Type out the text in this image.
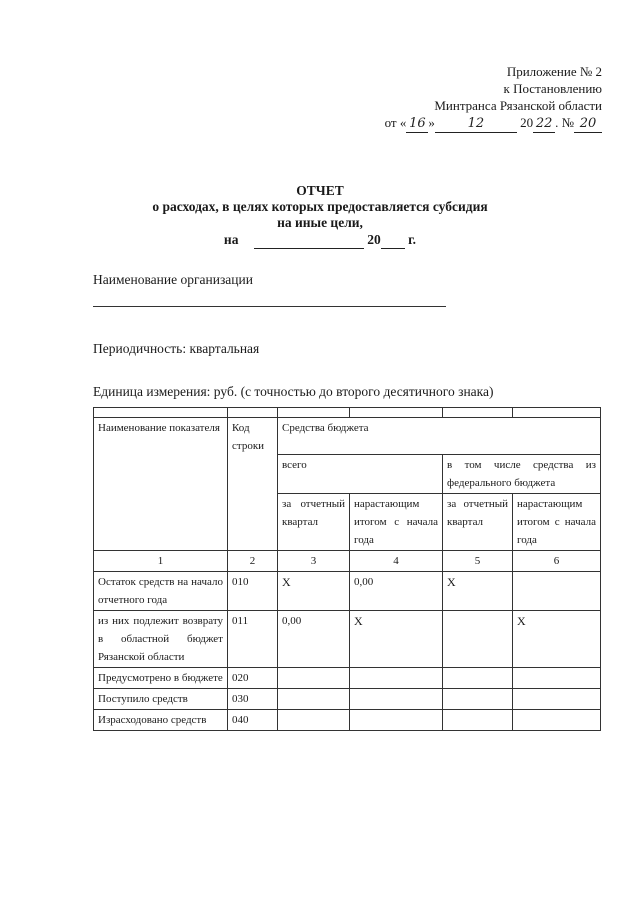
Приложение № 2
к Постановлению
Минтранса Рязанской области
от « 16 »	12	20 22 . № 20
ОТЧЕТ
о расходах, в целях которых предоставляется субсидия
на иные цели,
на	20 г.
Наименование организации
Периодичность: квартальная
Единица измерения: руб. (с точностью до второго десятичного знака)

Наименование показателя	Код строки	Средства бюджета			
		всего		в том числе средства из федерального бюджета	
		за отчетный квартал	нарастающим итогом с начала года	за отчетный квартал	нарастающим итогом с начала года
1	2	3	4	5	6
Остаток средств на начало отчетного года	010	X	0,00	X	
из них подлежит возврату в областной бюджет Рязанской области	011	0,00	X		X
Предусмотрено в бюджете	020				
Поступило средств	030				
Израсходовано средств	040				
